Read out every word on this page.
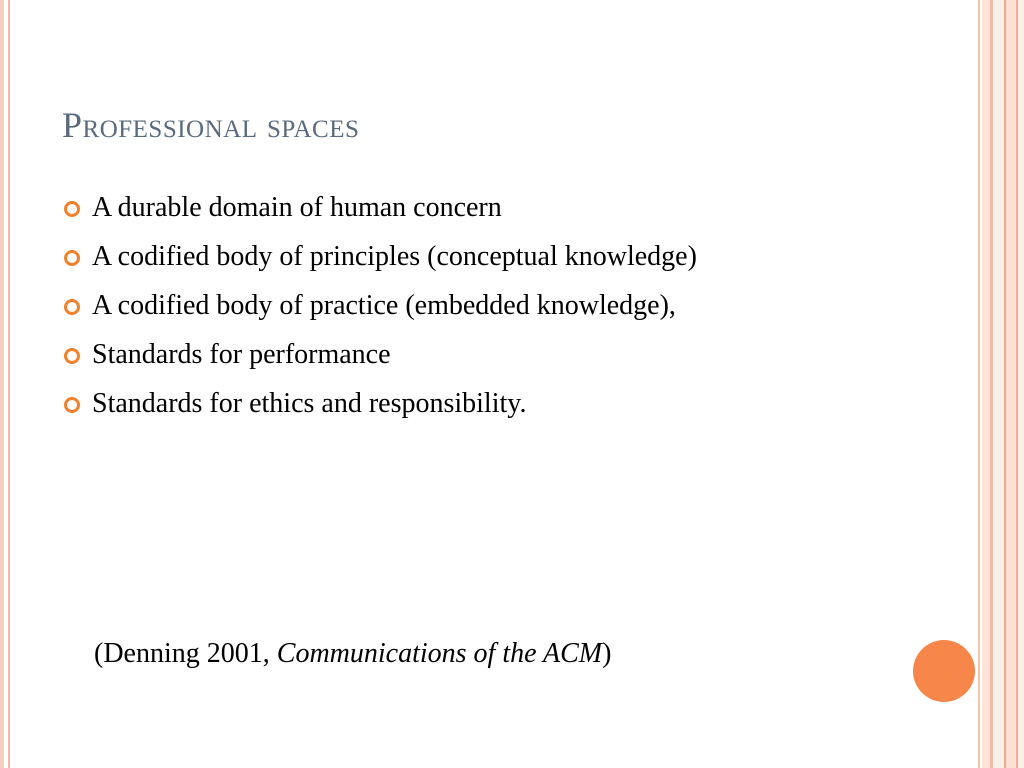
Professional spaces
A durable domain of human concern
A codified body of principles (conceptual knowledge)
A codified body of practice (embedded knowledge),
Standards for performance
Standards for ethics and responsibility.
(Denning 2001, Communications of the ACM)
